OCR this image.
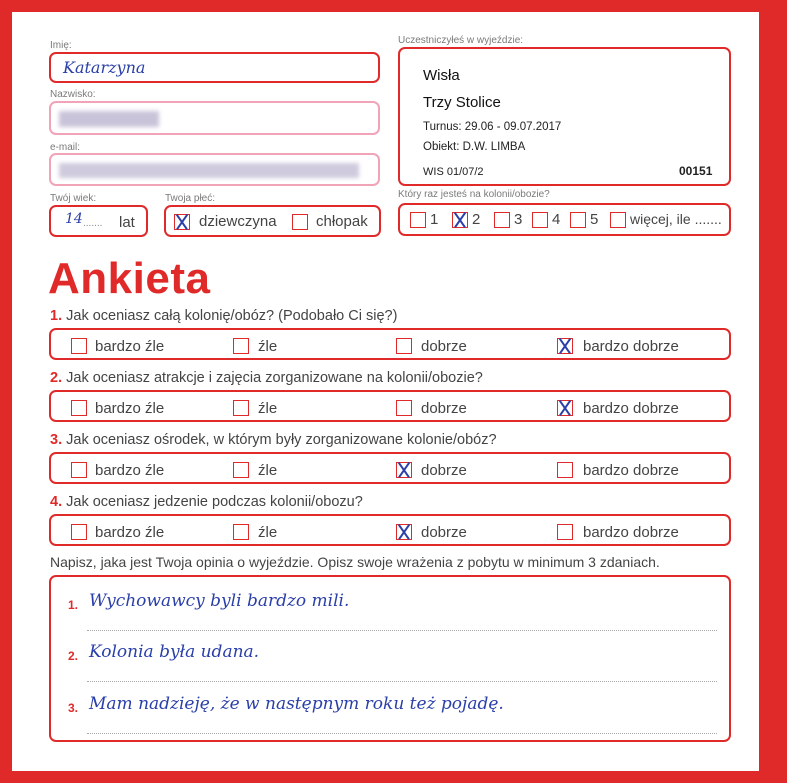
Imię:
Katarzyna
Nazwisko:
e-mail:
Twój wiek:
14 ....... lat
Twoja płeć:
dziewczyna	chłopak
Uczestniczyłeś w wyjeździe:
Wisła
Trzy Stolice
Turnus: 29.06 - 09.07.2017
Obiekt: D.W. LIMBA
WIS 01/07/2	00151
Który raz jesteś na kolonii/obozie?
1 2 3 4 5 więcej, ile .......
Ankieta
1. Jak oceniasz całą kolonię/obóz? (Podobało Ci się?)
bardzo źle	źle	dobrze	bardzo dobrze
2. Jak oceniasz atrakcje i zajęcia zorganizowane na kolonii/obozie?
bardzo źle	źle	dobrze	bardzo dobrze
3. Jak oceniasz ośrodek, w którym były zorganizowane kolonie/obóz?
bardzo źle	źle	dobrze	bardzo dobrze
4. Jak oceniasz jedzenie podczas kolonii/obozu?
bardzo źle	źle	dobrze	bardzo dobrze
Napisz, jaka jest Twoja opinia o wyjeździe. Opisz swoje wrażenia z pobytu w minimum 3 zdaniach.
1. Wychowawcy byli bardzo mili.
2. Kolonia była udana.
3. Mam nadzieję, że w następnym roku też pojadę.
